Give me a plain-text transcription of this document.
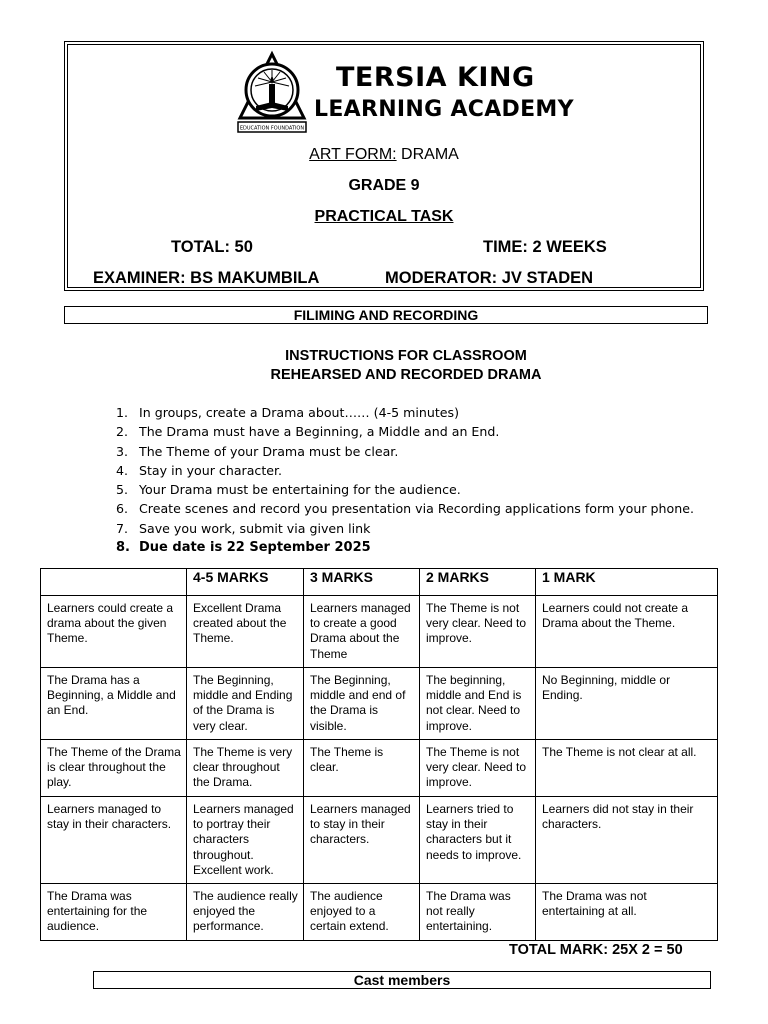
EDUCATION FOUNDATION
TERSIA KING
LEARNING ACADEMY
ART FORM: DRAMA
GRADE 9
PRACTICAL TASK
TOTAL: 50	TIME: 2 WEEKS
EXAMINER: BS MAKUMBILA	MODERATOR: JV STADEN
FILIMING AND RECORDING
INSTRUCTIONS FOR CLASSROOM
REHEARSED AND RECORDED DRAMA
1. In groups, create a Drama about…… (4-5 minutes)
2. The Drama must have a Beginning, a Middle and an End.
3. The Theme of your Drama must be clear.
4. Stay in your character.
5. Your Drama must be entertaining for the audience.
6. Create scenes and record you presentation via Recording applications form your phone.
7. Save you work, submit via given link
8. Due date is 22 September 2025
	4-5 MARKS	3 MARKS	2 MARKS	1 MARK
Learners could create a drama about the given Theme.	Excellent Drama created about the Theme.	Learners managed to create a good Drama about the Theme	The Theme is not very clear. Need to improve.	Learners could not create a Drama about the Theme.
The Drama has a Beginning, a Middle and an End.	The Beginning, middle and Ending of the Drama is very clear.	The Beginning, middle and end of the Drama is visible.	The beginning, middle and End is not clear. Need to improve.	No Beginning, middle or Ending.
The Theme of the Drama is clear throughout the play.	The Theme is very clear throughout the Drama.	The Theme is clear.	The Theme is not very clear. Need to improve.	The Theme is not clear at all.
Learners managed to stay in their characters.	Learners managed to portray their characters throughout. Excellent work.	Learners managed to stay in their characters.	Learners tried to stay in their characters but it needs to improve.	Learners did not stay in their characters.
The Drama was entertaining for the audience.	The audience really enjoyed the performance.	The audience enjoyed to a certain extend.	The Drama was not really entertaining.	The Drama was not entertaining at all.
TOTAL MARK: 25X 2 = 50
Cast members
